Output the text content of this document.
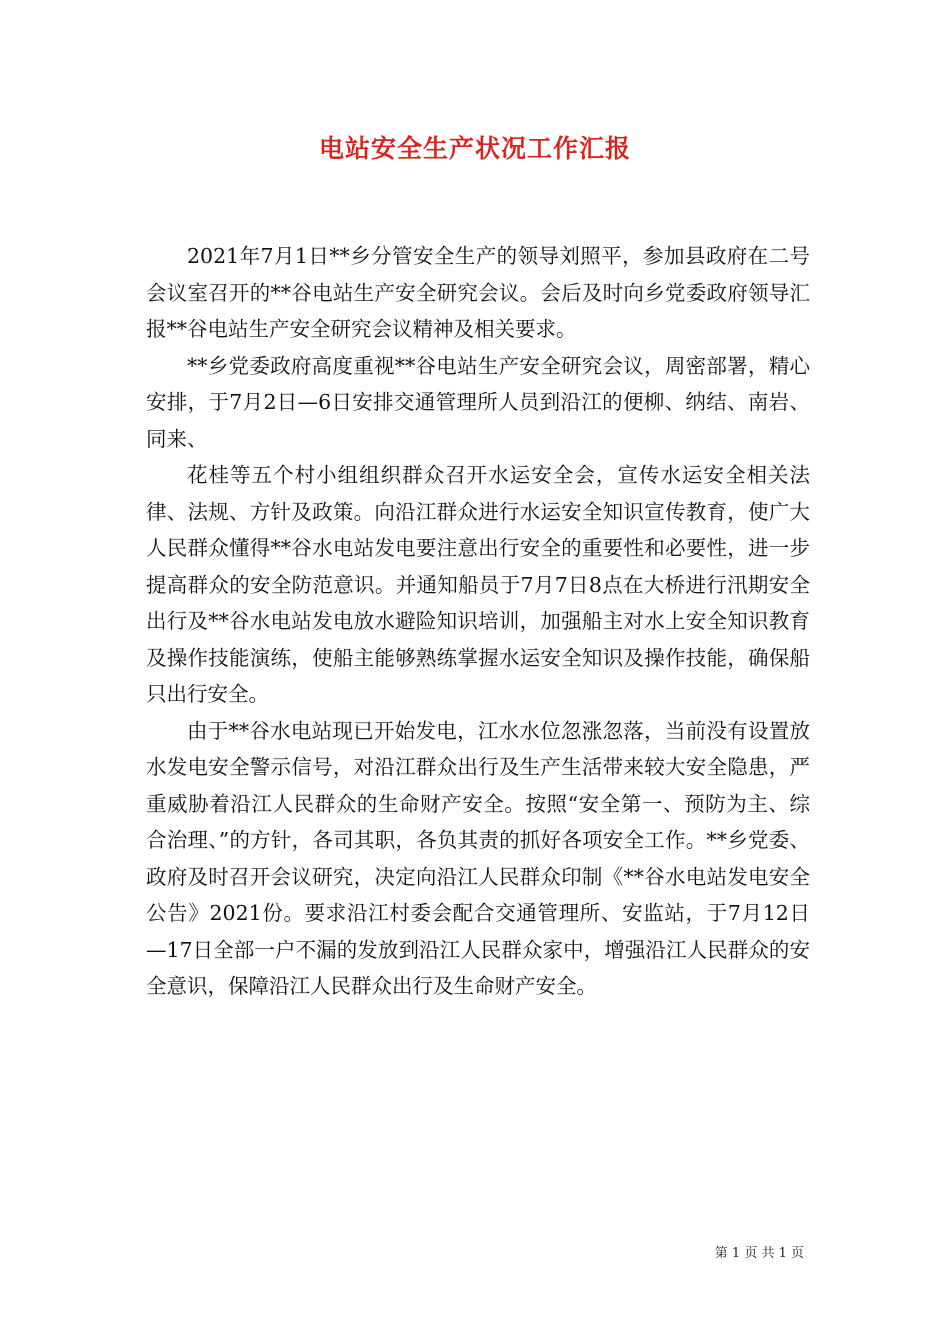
电站安全生产状况工作汇报

2021年7月1日**乡分管安全生产的领导刘照平，参加县政府在二号会议室召开的**谷电站生产安全研究会议。会后及时向乡党委政府领导汇报**谷电站生产安全研究会议精神及相关要求。

**乡党委政府高度重视**谷电站生产安全研究会议，周密部署，精心安排，于7月2日—6日安排交通管理所人员到沿江的便柳、纳结、南岩、同来、

花桂等五个村小组组织群众召开水运安全会，宣传水运安全相关法律、法规、方针及政策。向沿江群众进行水运安全知识宣传教育，使广大人民群众懂得**谷水电站发电要注意出行安全的重要性和必要性，进一步提高群众的安全防范意识。并通知船员于7月7日8点在大桥进行汛期安全出行及**谷水电站发电放水避险知识培训，加强船主对水上安全知识教育及操作技能演练，使船主能够熟练掌握水运安全知识及操作技能，确保船只出行安全。

由于**谷水电站现已开始发电，江水水位忽涨忽落，当前没有设置放水发电安全警示信号，对沿江群众出行及生产生活带来较大安全隐患，严重威胁着沿江人民群众的生命财产安全。按照“安全第一、预防为主、综合治理、”的方针，各司其职，各负其责的抓好各项安全工作。**乡党委、政府及时召开会议研究，决定向沿江人民群众印制《**谷水电站发电安全公告》2021份。要求沿江村委会配合交通管理所、安监站，于7月12日—17日全部一户不漏的发放到沿江人民群众家中，增强沿江人民群众的安全意识，保障沿江人民群众出行及生命财产安全。

第 1 页 共 1 页
